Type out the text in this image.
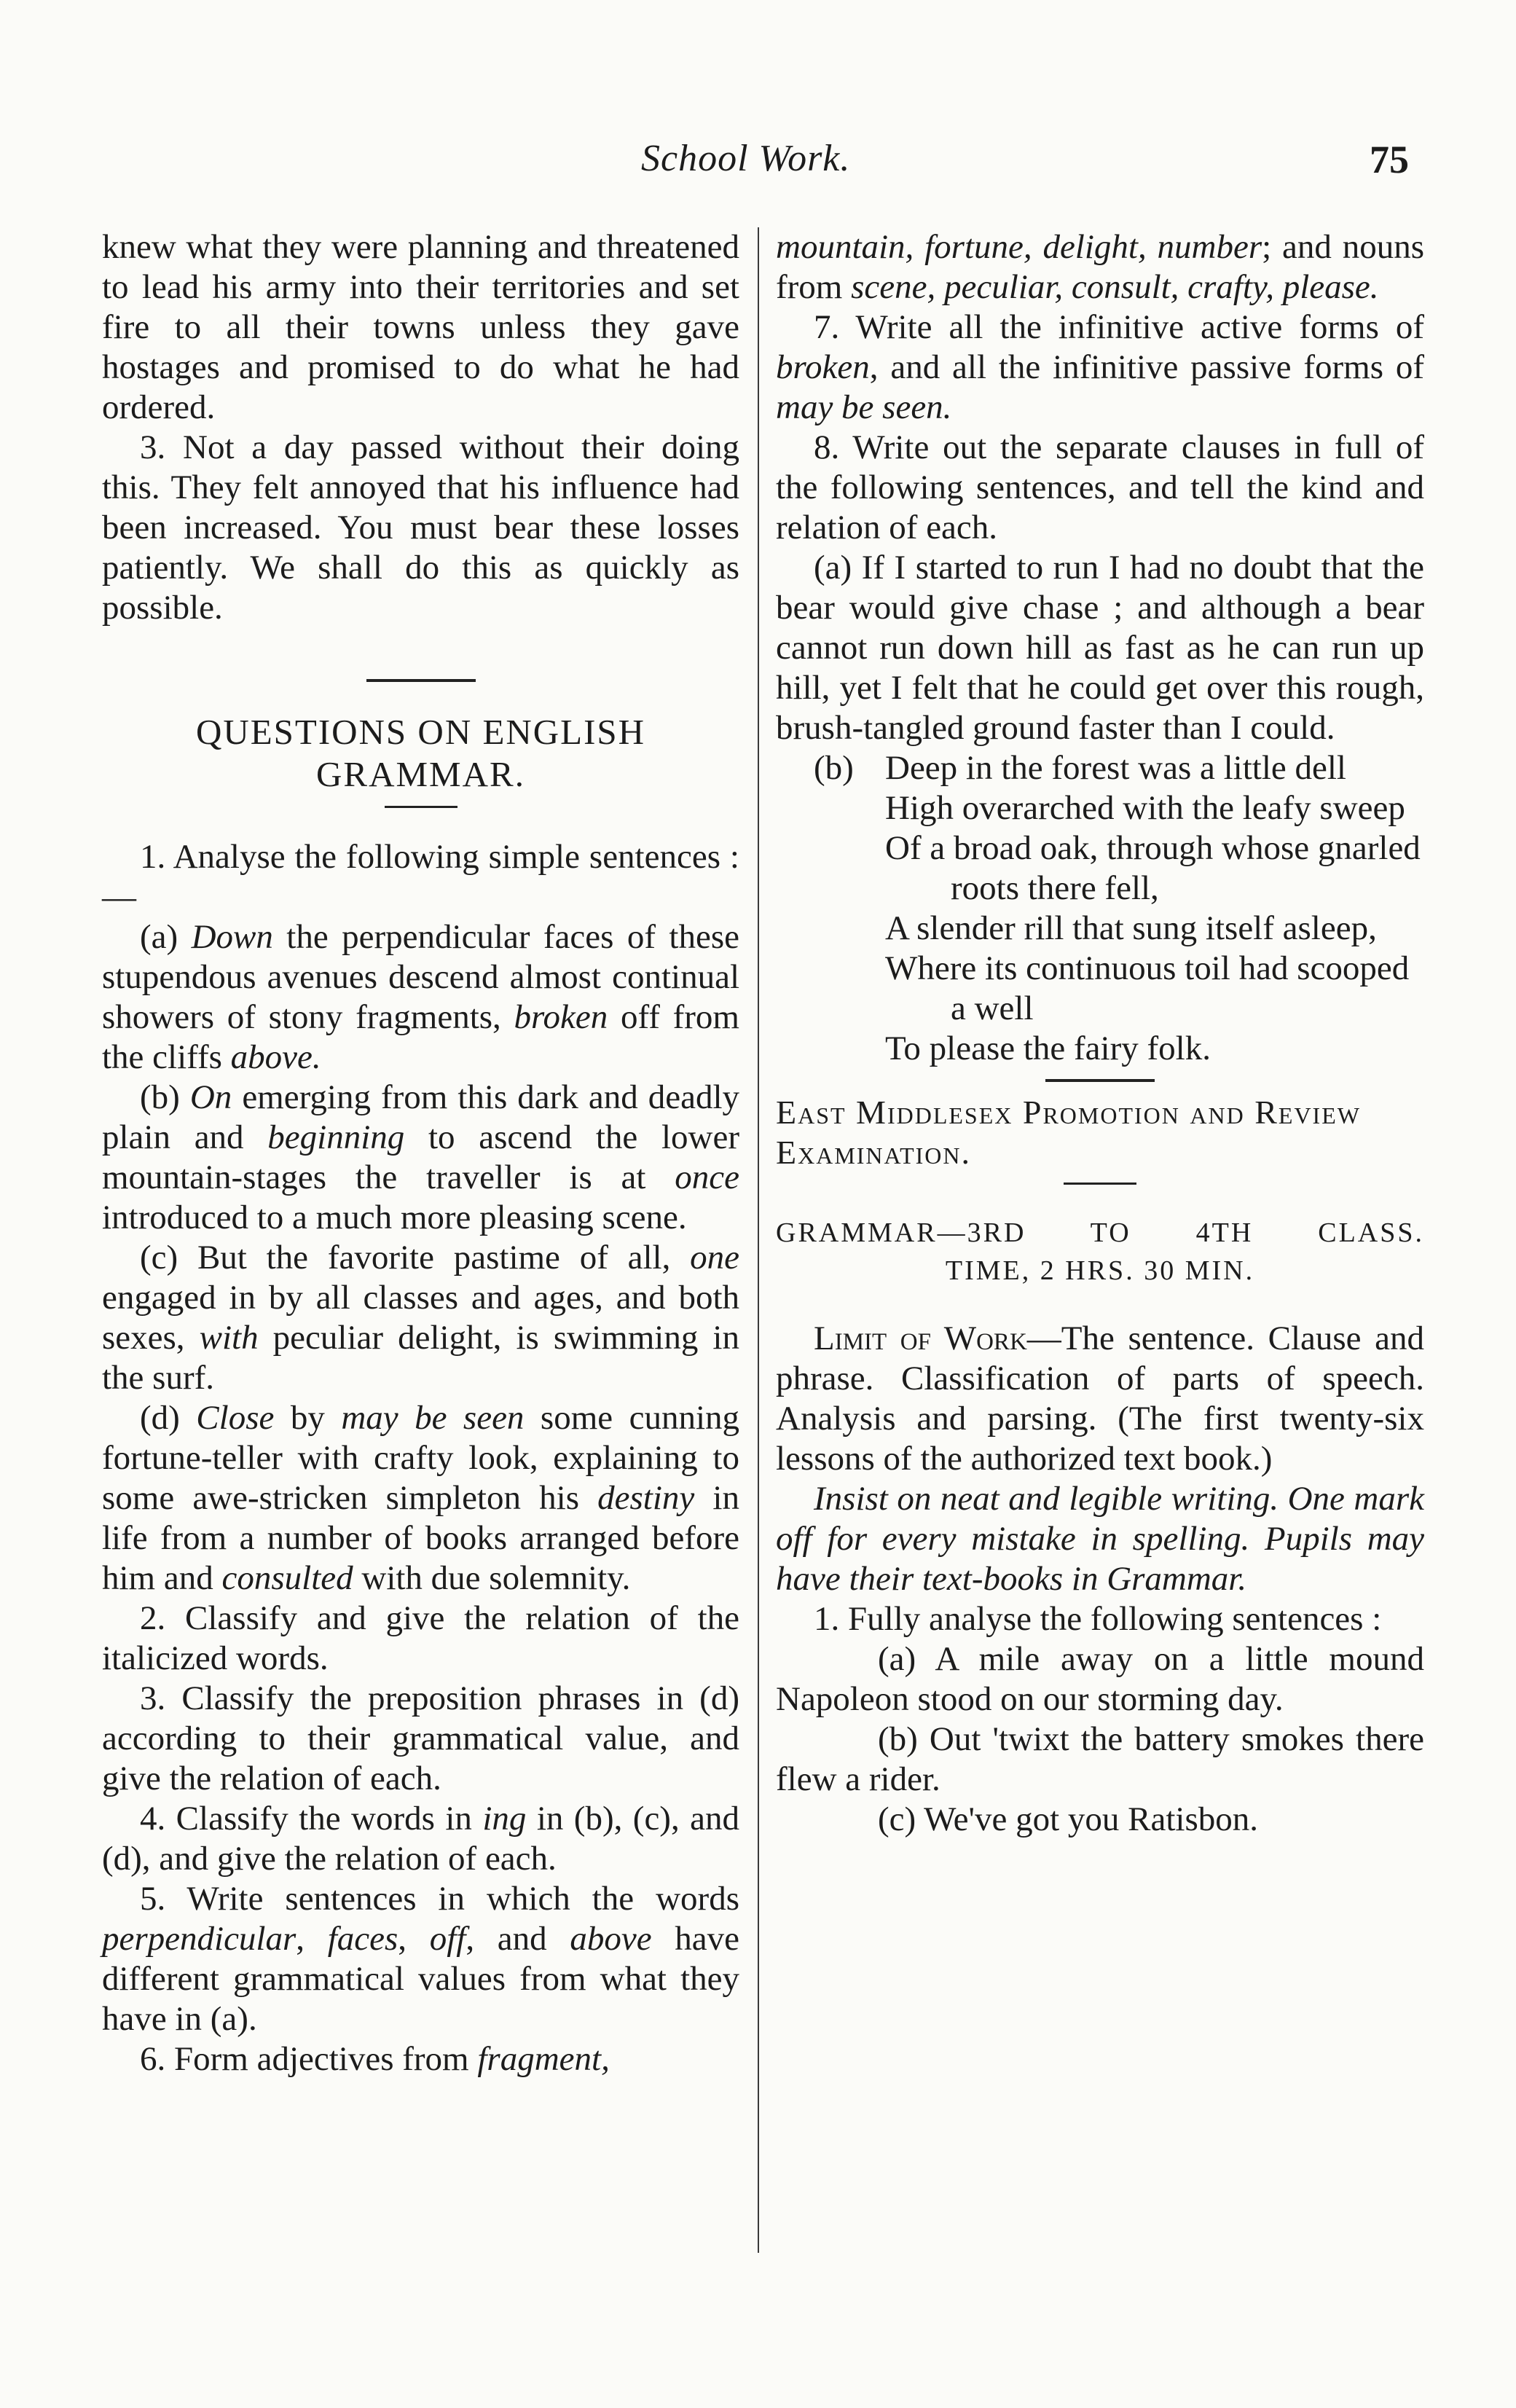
School Work.	75

knew what they were planning and threatened to lead his army into their territories and set fire to all their towns unless they gave hostages and promised to do what he had ordered.

3. Not a day passed without their doing this. They felt annoyed that his influence had been increased. You must bear these losses patiently. We shall do this as quickly as possible.

QUESTIONS ON ENGLISH
GRAMMAR.

1. Analyse the following simple sentences :—

(a) Down the perpendicular faces of these stupendous avenues descend almost continual showers of stony fragments, broken off from the cliffs above.

(b) On emerging from this dark and deadly plain and beginning to ascend the lower mountain-stages the traveller is at once introduced to a much more pleasing scene.

(c) But the favorite pastime of all, one engaged in by all classes and ages, and both sexes, with peculiar delight, is swimming in the surf.

(d) Close by may be seen some cunning fortune-teller with crafty look, explaining to some awe-stricken simpleton his destiny in life from a number of books arranged before him and consulted with due solemnity.

2. Classify and give the relation of the italicized words.

3. Classify the preposition phrases in (d) according to their grammatical value, and give the relation of each.

4. Classify the words in ing in (b), (c), and (d), and give the relation of each.

5. Write sentences in which the words perpendicular, faces, off, and above have different grammatical values from what they have in (a).

6. Form adjectives from fragment,

mountain, fortune, delight, number; and nouns from scene, peculiar, consult, crafty, please.

7. Write all the infinitive active forms of broken, and all the infinitive passive forms of may be seen.

8. Write out the separate clauses in full of the following sentences, and tell the kind and relation of each.

(a) If I started to run I had no doubt that the bear would give chase ; and although a bear cannot run down hill as fast as he can run up hill, yet I felt that he could get over this rough, brush-tangled ground faster than I could.

(b) Deep in the forest was a little dell
High overarched with the leafy sweep
Of a broad oak, through whose gnarled roots there fell,
A slender rill that sung itself asleep,
Where its continuous toil had scooped a well
To please the fairy folk.

East Middlesex Promotion and Review Examination.

GRAMMAR—3RD TO 4TH CLASS.
TIME, 2 HRS. 30 MIN.

Limit of Work—The sentence. Clause and phrase. Classification of parts of speech. Analysis and parsing. (The first twenty-six lessons of the authorized text book.)

Insist on neat and legible writing. One mark off for every mistake in spelling. Pupils may have their text-books in Grammar.

1. Fully analyse the following sentences :

(a) A mile away on a little mound Napoleon stood on our storming day.

(b) Out 'twixt the battery smokes there flew a rider.

(c) We've got you Ratisbon.
